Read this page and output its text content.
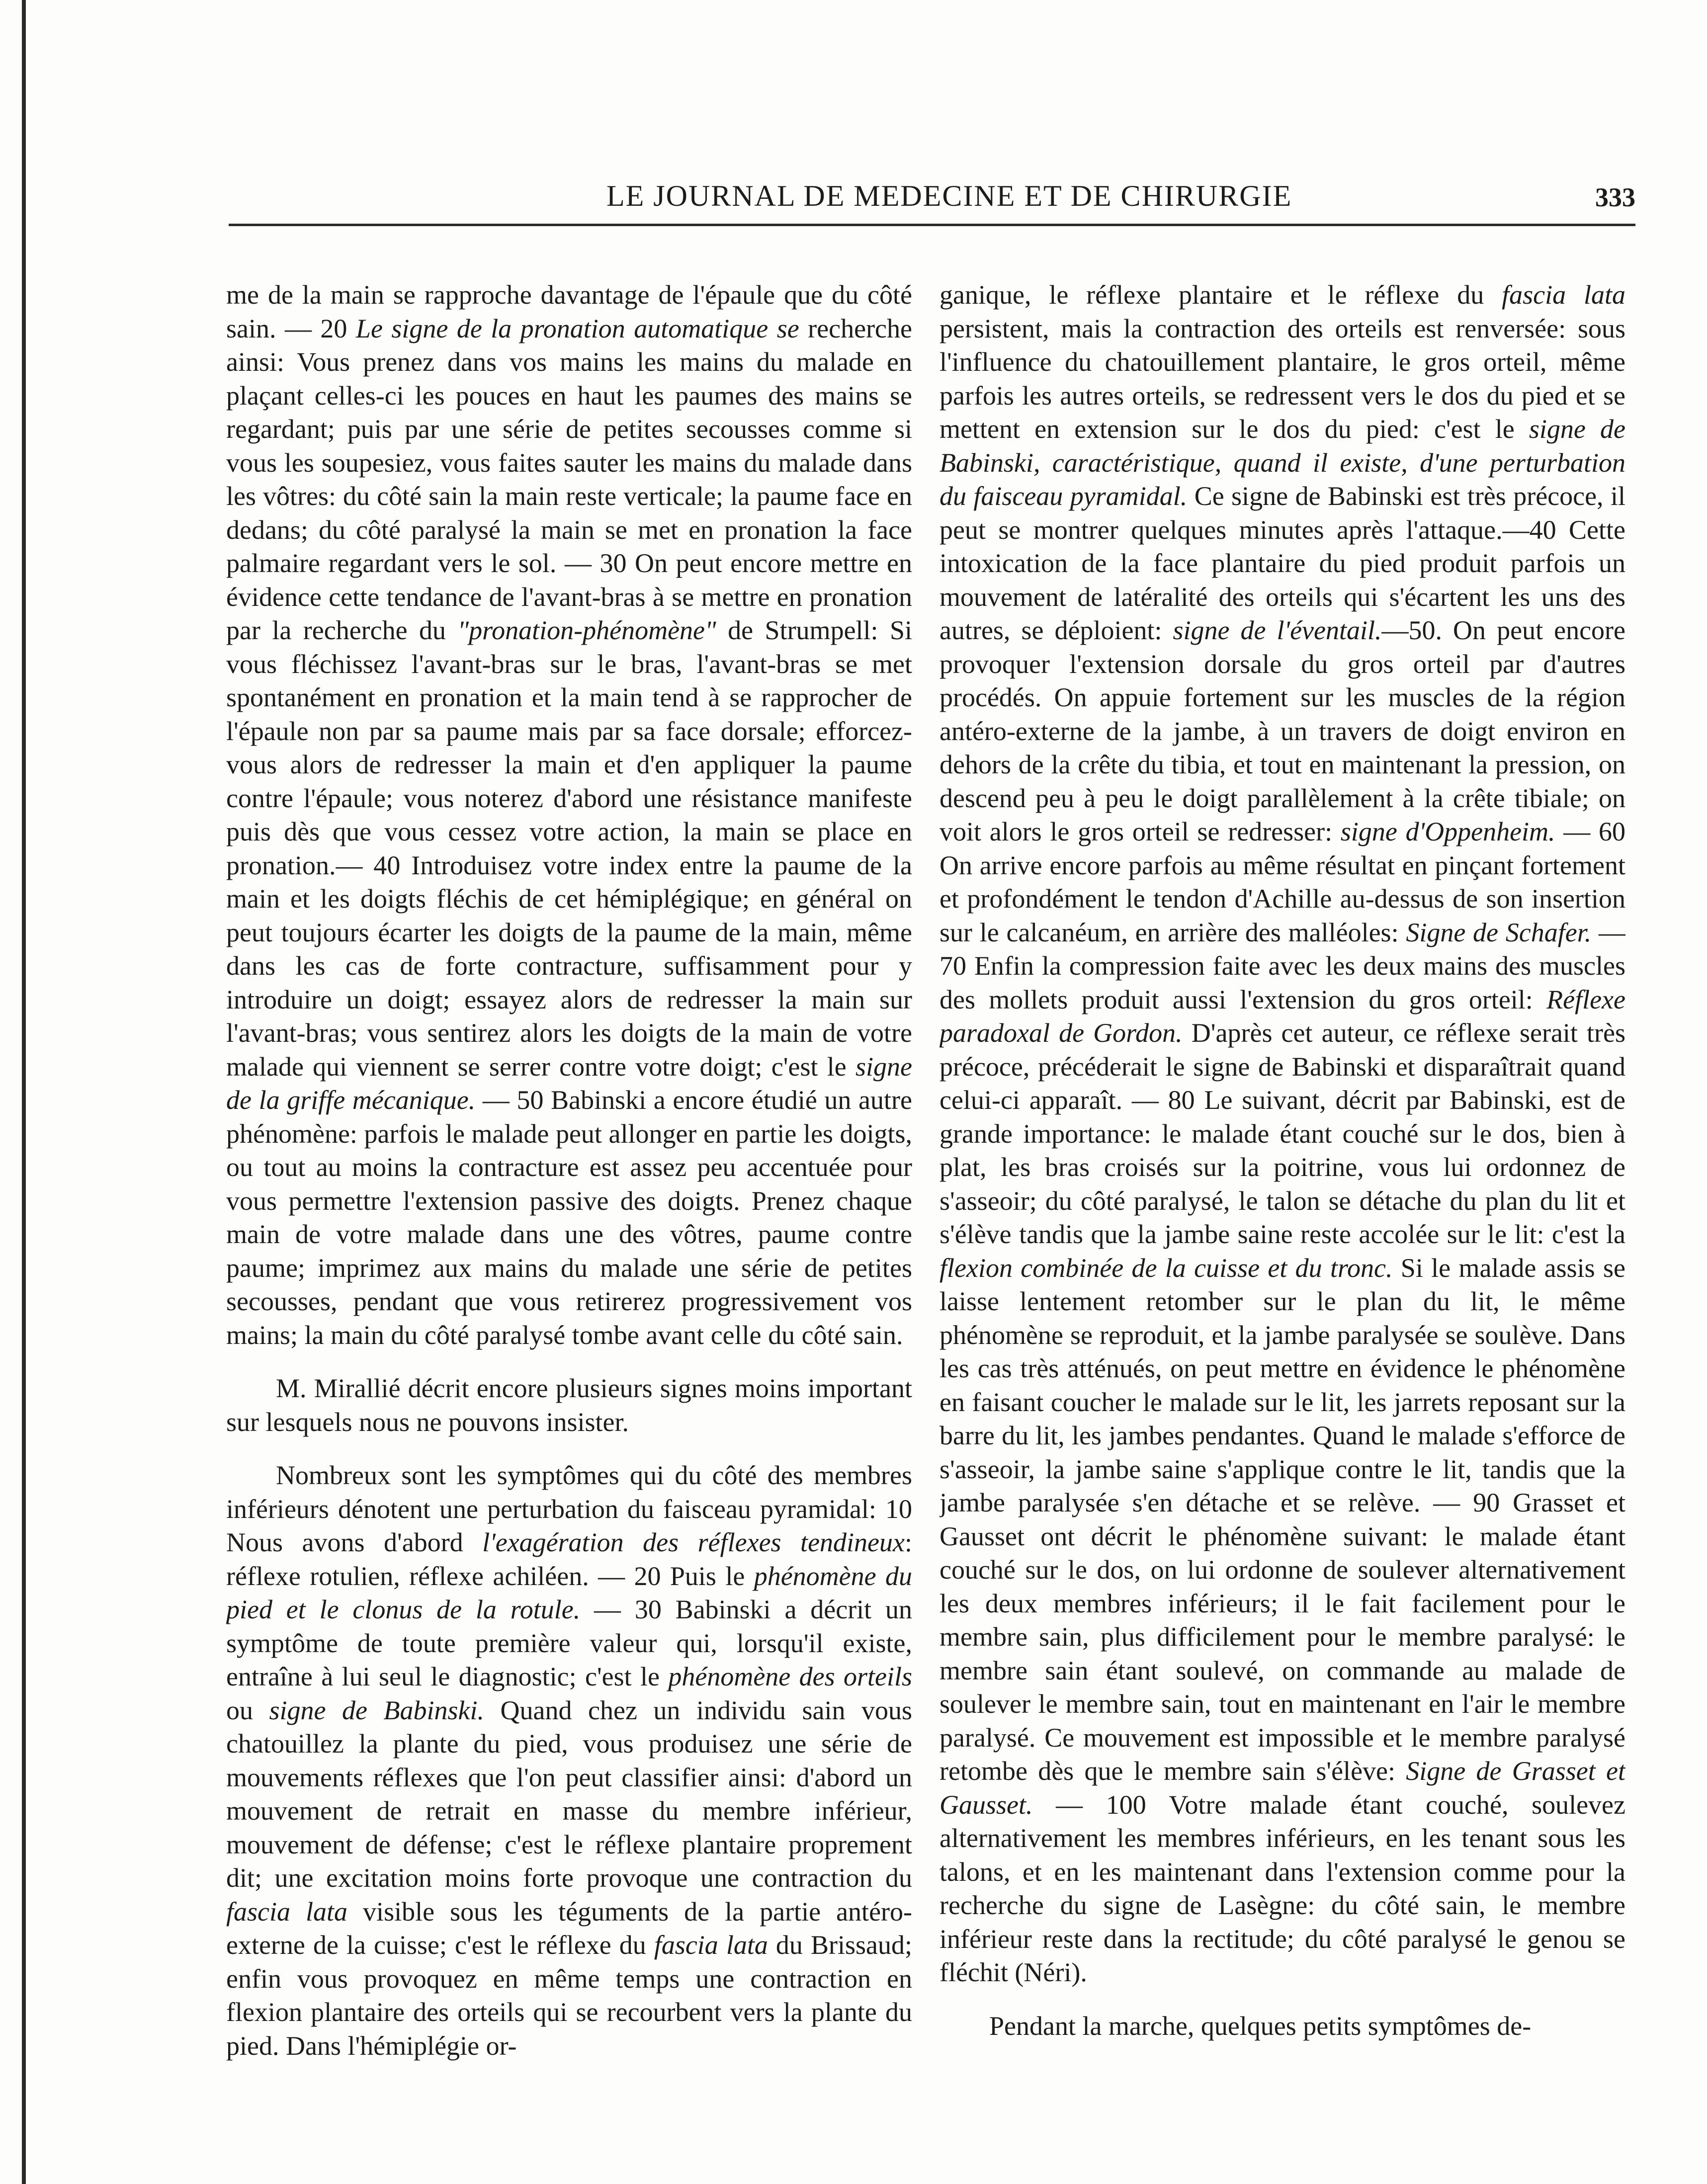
LE JOURNAL DE MEDECINE ET DE CHIRURGIE	333

me de la main se rapproche davantage de l'épaule que du côté sain. — 20 Le signe de la pronation automatique se recherche ainsi: Vous prenez dans vos mains les mains du malade en plaçant celles-ci les pouces en haut les paumes des mains se regardant; puis par une série de petites secousses comme si vous les soupesiez, vous faites sauter les mains du malade dans les vôtres: du côté sain la main reste verticale; la paume face en dedans; du côté paralysé la main se met en pronation la face palmaire regardant vers le sol. — 30 On peut encore mettre en évidence cette tendance de l'avant-bras à se mettre en pronation par la recherche du "pronation-phénomène" de Strumpell: Si vous fléchissez l'avant-bras sur le bras, l'avant-bras se met spontanément en pronation et la main tend à se rapprocher de l'épaule non par sa paume mais par sa face dorsale; efforcez-vous alors de redresser la main et d'en appliquer la paume contre l'épaule; vous noterez d'abord une résistance manifeste puis dès que vous cessez votre action, la main se place en pronation.— 40 Introduisez votre index entre la paume de la main et les doigts fléchis de cet hémiplégique; en général on peut toujours écarter les doigts de la paume de la main, même dans les cas de forte contracture, suffisamment pour y introduire un doigt; essayez alors de redresser la main sur l'avant-bras; vous sentirez alors les doigts de la main de votre malade qui viennent se serrer contre votre doigt; c'est le signe de la griffe mécanique. — 50 Babinski a encore étudié un autre phénomène: parfois le malade peut allonger en partie les doigts, ou tout au moins la contracture est assez peu accentuée pour vous permettre l'extension passive des doigts. Prenez chaque main de votre malade dans une des vôtres, paume contre paume; imprimez aux mains du malade une série de petites secousses, pendant que vous retirerez progressivement vos mains; la main du côté paralysé tombe avant celle du côté sain.

M. Mirallié décrit encore plusieurs signes moins important sur lesquels nous ne pouvons insister.

Nombreux sont les symptômes qui du côté des membres inférieurs dénotent une perturbation du faisceau pyramidal: 10 Nous avons d'abord l'exagération des réflexes tendineux: réflexe rotulien, réflexe achiléen. — 20 Puis le phénomène du pied et le clonus de la rotule. — 30 Babinski a décrit un symptôme de toute première valeur qui, lorsqu'il existe, entraîne à lui seul le diagnostic; c'est le phénomène des orteils ou signe de Babinski. Quand chez un individu sain vous chatouillez la plante du pied, vous produisez une série de mouvements réflexes que l'on peut classifier ainsi: d'abord un mouvement de retrait en masse du membre inférieur, mouvement de défense; c'est le réflexe plantaire proprement dit; une excitation moins forte provoque une contraction du fascia lata visible sous les téguments de la partie antéro-externe de la cuisse; c'est le réflexe du fascia lata du Brissaud; enfin vous provoquez en même temps une contraction en flexion plantaire des orteils qui se recourbent vers la plante du pied. Dans l'hémiplégie or-

ganique, le réflexe plantaire et le réflexe du fascia lata persistent, mais la contraction des orteils est renversée: sous l'influence du chatouillement plantaire, le gros orteil, même parfois les autres orteils, se redressent vers le dos du pied et se mettent en extension sur le dos du pied: c'est le signe de Babinski, caractéristique, quand il existe, d'une perturbation du faisceau pyramidal. Ce signe de Babinski est très précoce, il peut se montrer quelques minutes après l'attaque.—40 Cette intoxication de la face plantaire du pied produit parfois un mouvement de latéralité des orteils qui s'écartent les uns des autres, se déploient: signe de l'éventail.—50. On peut encore provoquer l'extension dorsale du gros orteil par d'autres procédés. On appuie fortement sur les muscles de la région antéro-externe de la jambe, à un travers de doigt environ en dehors de la crête du tibia, et tout en maintenant la pression, on descend peu à peu le doigt parallèlement à la crête tibiale; on voit alors le gros orteil se redresser: signe d'Oppenheim. — 60 On arrive encore parfois au même résultat en pinçant fortement et profondément le tendon d'Achille au-dessus de son insertion sur le calcanéum, en arrière des malléoles: Signe de Schafer. — 70 Enfin la compression faite avec les deux mains des muscles des mollets produit aussi l'extension du gros orteil: Réflexe paradoxal de Gordon. D'après cet auteur, ce réflexe serait très précoce, précéderait le signe de Babinski et disparaîtrait quand celui-ci apparaît. — 80 Le suivant, décrit par Babinski, est de grande importance: le malade étant couché sur le dos, bien à plat, les bras croisés sur la poitrine, vous lui ordonnez de s'asseoir; du côté paralysé, le talon se détache du plan du lit et s'élève tandis que la jambe saine reste accolée sur le lit: c'est la flexion combinée de la cuisse et du tronc. Si le malade assis se laisse lentement retomber sur le plan du lit, le même phénomène se reproduit, et la jambe paralysée se soulève. Dans les cas très atténués, on peut mettre en évidence le phénomène en faisant coucher le malade sur le lit, les jarrets reposant sur la barre du lit, les jambes pendantes. Quand le malade s'efforce de s'asseoir, la jambe saine s'applique contre le lit, tandis que la jambe paralysée s'en détache et se relève. — 90 Grasset et Gausset ont décrit le phénomène suivant: le malade étant couché sur le dos, on lui ordonne de soulever alternativement les deux membres inférieurs; il le fait facilement pour le membre sain, plus difficilement pour le membre paralysé: le membre sain étant soulevé, on commande au malade de soulever le membre sain, tout en maintenant en l'air le membre paralysé. Ce mouvement est impossible et le membre paralysé retombe dès que le membre sain s'élève: Signe de Grasset et Gausset. — 100 Votre malade étant couché, soulevez alternativement les membres inférieurs, en les tenant sous les talons, et en les maintenant dans l'extension comme pour la recherche du signe de Lasègne: du côté sain, le membre inférieur reste dans la rectitude; du côté paralysé le genou se fléchit (Néri).

Pendant la marche, quelques petits symptômes de-
